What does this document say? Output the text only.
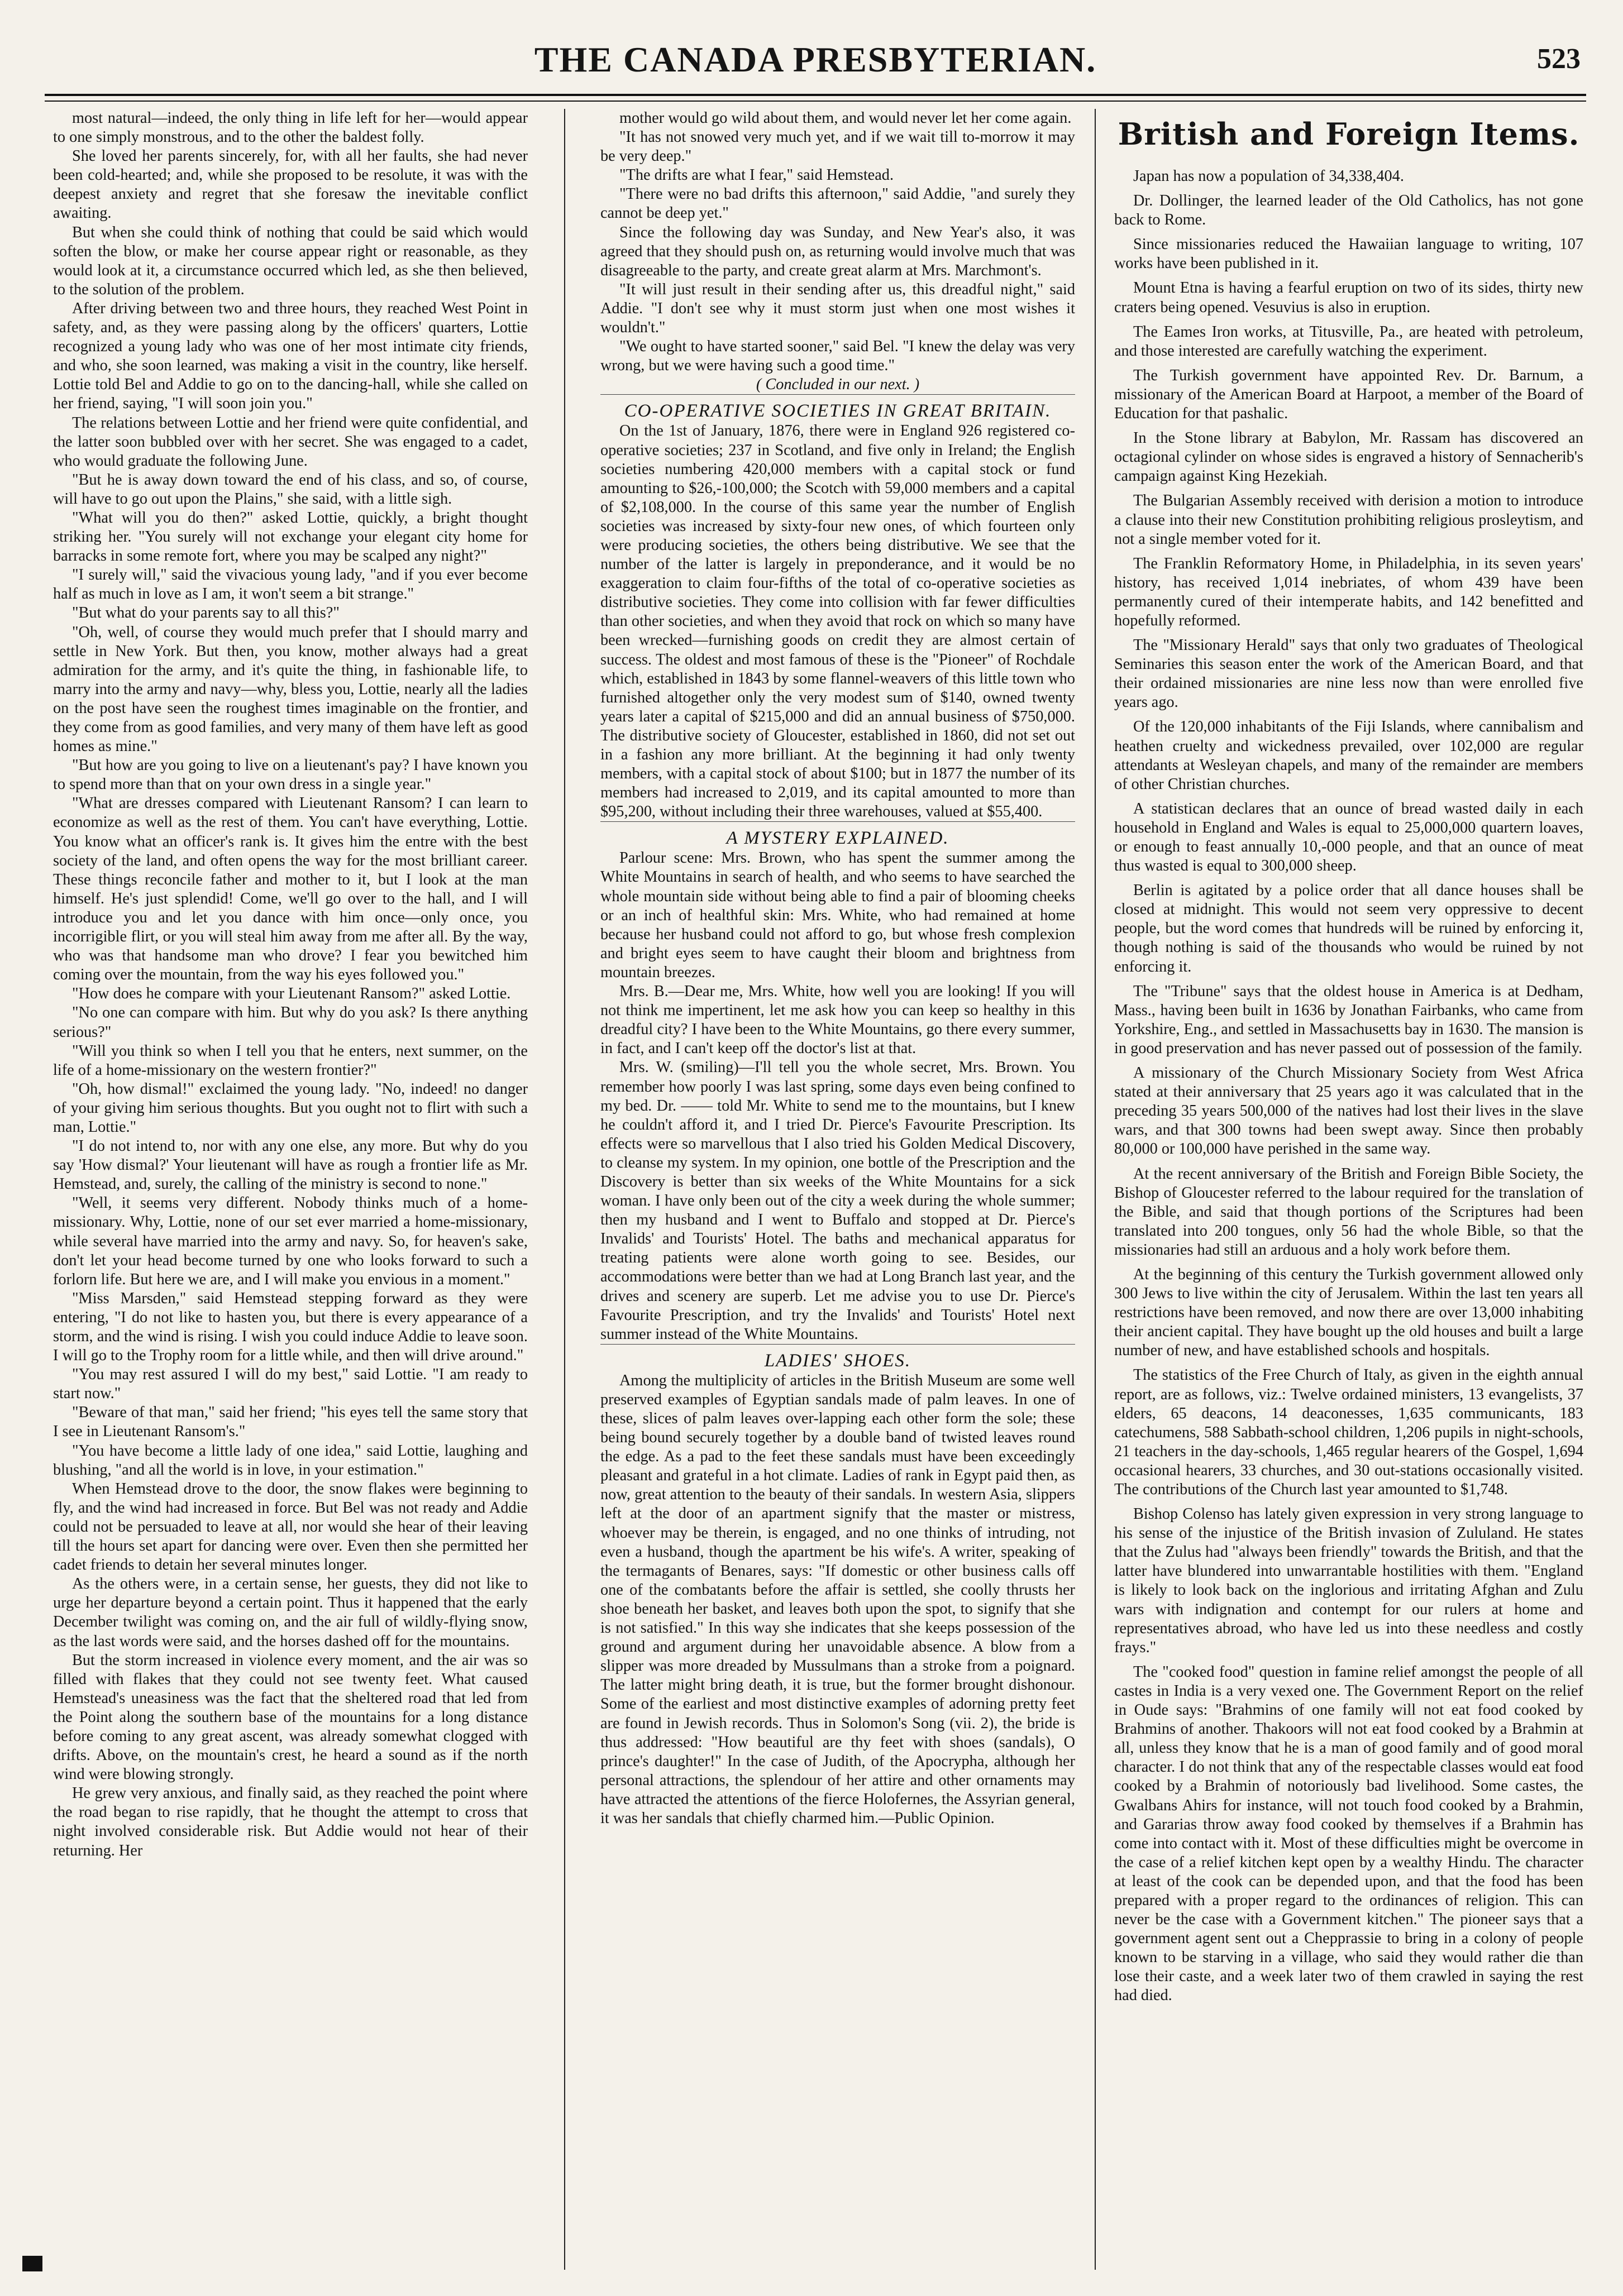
THE CANADA PRESBYTERIAN.	523

most natural—indeed, the only thing in life left for her—would appear to one simply monstrous, and to the other the baldest folly.

She loved her parents sincerely, for, with all her faults, she had never been cold-hearted; and, while she proposed to be resolute, it was with the deepest anxiety and regret that she foresaw the inevitable conflict awaiting.

But when she could think of nothing that could be said which would soften the blow, or make her course appear right or reasonable, as they would look at it, a circumstance occurred which led, as she then believed, to the solution of the problem.

After driving between two and three hours, they reached West Point in safety, and, as they were passing along by the officers' quarters, Lottie recognized a young lady who was one of her most intimate city friends, and who, she soon learned, was making a visit in the country, like herself. Lottie told Bel and Addie to go on to the dancing-hall, while she called on her friend, saying, "I will soon join you."

The relations between Lottie and her friend were quite confidential, and the latter soon bubbled over with her secret. She was engaged to a cadet, who would graduate the following June.

"But he is away down toward the end of his class, and so, of course, will have to go out upon the Plains," she said, with a little sigh.

"What will you do then?" asked Lottie, quickly, a bright thought striking her. "You surely will not exchange your elegant city home for barracks in some remote fort, where you may be scalped any night?"

"I surely will," said the vivacious young lady, "and if you ever become half as much in love as I am, it won't seem a bit strange."

"But what do your parents say to all this?"

"Oh, well, of course they would much prefer that I should marry and settle in New York. But then, you know, mother always had a great admiration for the army, and it's quite the thing, in fashionable life, to marry into the army and navy—why, bless you, Lottie, nearly all the ladies on the post have seen the roughest times imaginable on the frontier, and they come from as good families, and very many of them have left as good homes as mine."

"But how are you going to live on a lieutenant's pay? I have known you to spend more than that on your own dress in a single year."

"What are dresses compared with Lieutenant Ransom? I can learn to economize as well as the rest of them. You can't have everything, Lottie. You know what an officer's rank is. It gives him the entre with the best society of the land, and often opens the way for the most brilliant career. These things reconcile father and mother to it, but I look at the man himself. He's just splendid! Come, we'll go over to the hall, and I will introduce you and let you dance with him once—only once, you incorrigible flirt, or you will steal him away from me after all. By the way, who was that handsome man who drove? I fear you bewitched him coming over the mountain, from the way his eyes followed you."

"How does he compare with your Lieutenant Ransom?" asked Lottie.

"No one can compare with him. But why do you ask? Is there anything serious?"

"Will you think so when I tell you that he enters, next summer, on the life of a home-missionary on the western frontier?"

"Oh, how dismal!" exclaimed the young lady. "No, indeed! no danger of your giving him serious thoughts. But you ought not to flirt with such a man, Lottie."

"I do not intend to, nor with any one else, any more. But why do you say 'How dismal?' Your lieutenant will have as rough a frontier life as Mr. Hemstead, and, surely, the calling of the ministry is second to none."

"Well, it seems very different. Nobody thinks much of a home-missionary. Why, Lottie, none of our set ever married a home-missionary, while several have married into the army and navy. So, for heaven's sake, don't let your head become turned by one who looks forward to such a forlorn life. But here we are, and I will make you envious in a moment."

"Miss Marsden," said Hemstead stepping forward as they were entering, "I do not like to hasten you, but there is every appearance of a storm, and the wind is rising. I wish you could induce Addie to leave soon. I will go to the Trophy room for a little while, and then will drive around."

"You may rest assured I will do my best," said Lottie. "I am ready to start now."

"Beware of that man," said her friend; "his eyes tell the same story that I see in Lieutenant Ransom's."

"You have become a little lady of one idea," said Lottie, laughing and blushing, "and all the world is in love, in your estimation."

When Hemstead drove to the door, the snow flakes were beginning to fly, and the wind had increased in force. But Bel was not ready and Addie could not be persuaded to leave at all, nor would she hear of their leaving till the hours set apart for dancing were over. Even then she permitted her cadet friends to detain her several minutes longer.

As the others were, in a certain sense, her guests, they did not like to urge her departure beyond a certain point. Thus it happened that the early December twilight was coming on, and the air full of wildly-flying snow, as the last words were said, and the horses dashed off for the mountains.

But the storm increased in violence every moment, and the air was so filled with flakes that they could not see twenty feet. What caused Hemstead's uneasiness was the fact that the sheltered road that led from the Point along the southern base of the mountains for a long distance before coming to any great ascent, was already somewhat clogged with drifts. Above, on the mountain's crest, he heard a sound as if the north wind were blowing strongly.

He grew very anxious, and finally said, as they reached the point where the road began to rise rapidly, that he thought the attempt to cross that night involved considerable risk. But Addie would not hear of their returning. Her

mother would go wild about them, and would never let her come again.

"It has not snowed very much yet, and if we wait till to-morrow it may be very deep."

"The drifts are what I fear," said Hemstead.

"There were no bad drifts this afternoon," said Addie, "and surely they cannot be deep yet."

Since the following day was Sunday, and New Year's also, it was agreed that they should push on, as returning would involve much that was disagreeable to the party, and create great alarm at Mrs. Marchmont's.

"It will just result in their sending after us, this dreadful night," said Addie. "I don't see why it must storm just when one most wishes it wouldn't."

"We ought to have started sooner," said Bel. "I knew the delay was very wrong, but we were having such a good time."

( Concluded in our next. )

CO-OPERATIVE SOCIETIES IN GREAT BRITAIN.

On the 1st of January, 1876, there were in England 926 registered co-operative societies; 237 in Scotland, and five only in Ireland; the English societies numbering 420,000 members with a capital stock or fund amounting to $26,-100,000; the Scotch with 59,000 members and a capital of $2,108,000. In the course of this same year the number of English societies was increased by sixty-four new ones, of which fourteen only were producing societies, the others being distributive. We see that the number of the latter is largely in preponderance, and it would be no exaggeration to claim four-fifths of the total of co-operative societies as distributive societies. They come into collision with far fewer difficulties than other societies, and when they avoid that rock on which so many have been wrecked—furnishing goods on credit they are almost certain of success. The oldest and most famous of these is the "Pioneer" of Rochdale which, established in 1843 by some flannel-weavers of this little town who furnished altogether only the very modest sum of $140, owned twenty years later a capital of $215,000 and did an annual business of $750,000. The distributive society of Gloucester, established in 1860, did not set out in a fashion any more brilliant. At the beginning it had only twenty members, with a capital stock of about $100; but in 1877 the number of its members had increased to 2,019, and its capital amounted to more than $95,200, without including their three warehouses, valued at $55,400.

A MYSTERY EXPLAINED.

Parlour scene: Mrs. Brown, who has spent the summer among the White Mountains in search of health, and who seems to have searched the whole mountain side without being able to find a pair of blooming cheeks or an inch of healthful skin: Mrs. White, who had remained at home because her husband could not afford to go, but whose fresh complexion and bright eyes seem to have caught their bloom and brightness from mountain breezes.

Mrs. B.—Dear me, Mrs. White, how well you are looking! If you will not think me impertinent, let me ask how you can keep so healthy in this dreadful city? I have been to the White Mountains, go there every summer, in fact, and I can't keep off the doctor's list at that.

Mrs. W. (smiling)—I'll tell you the whole secret, Mrs. Brown. You remember how poorly I was last spring, some days even being confined to my bed. Dr. —— told Mr. White to send me to the mountains, but I knew he couldn't afford it, and I tried Dr. Pierce's Favourite Prescription. Its effects were so marvellous that I also tried his Golden Medical Discovery, to cleanse my system. In my opinion, one bottle of the Prescription and the Discovery is better than six weeks of the White Mountains for a sick woman. I have only been out of the city a week during the whole summer; then my husband and I went to Buffalo and stopped at Dr. Pierce's Invalids' and Tourists' Hotel. The baths and mechanical apparatus for treating patients were alone worth going to see. Besides, our accommodations were better than we had at Long Branch last year, and the drives and scenery are superb. Let me advise you to use Dr. Pierce's Favourite Prescription, and try the Invalids' and Tourists' Hotel next summer instead of the White Mountains.

LADIES' SHOES.

Among the multiplicity of articles in the British Museum are some well preserved examples of Egyptian sandals made of palm leaves. In one of these, slices of palm leaves over-lapping each other form the sole; these being bound securely together by a double band of twisted leaves round the edge. As a pad to the feet these sandals must have been exceedingly pleasant and grateful in a hot climate. Ladies of rank in Egypt paid then, as now, great attention to the beauty of their sandals. In western Asia, slippers left at the door of an apartment signify that the master or mistress, whoever may be therein, is engaged, and no one thinks of intruding, not even a husband, though the apartment be his wife's. A writer, speaking of the termagants of Benares, says: "If domestic or other business calls off one of the combatants before the affair is settled, she coolly thrusts her shoe beneath her basket, and leaves both upon the spot, to signify that she is not satisfied." In this way she indicates that she keeps possession of the ground and argument during her unavoidable absence. A blow from a slipper was more dreaded by Mussulmans than a stroke from a poignard. The latter might bring death, it is true, but the former brought dishonour. Some of the earliest and most distinctive examples of adorning pretty feet are found in Jewish records. Thus in Solomon's Song (vii. 2), the bride is thus addressed: "How beautiful are thy feet with shoes (sandals), O prince's daughter!" In the case of Judith, of the Apocrypha, although her personal attractions, the splendour of her attire and other ornaments may have attracted the attentions of the fierce Holofernes, the Assyrian general, it was her sandals that chiefly charmed him.—Public Opinion.

British and Foreign Items.

Japan has now a population of 34,338,404.

Dr. Dollinger, the learned leader of the Old Catholics, has not gone back to Rome.

Since missionaries reduced the Hawaiian language to writing, 107 works have been published in it.

Mount Etna is having a fearful eruption on two of its sides, thirty new craters being opened. Vesuvius is also in eruption.

The Eames Iron works, at Titusville, Pa., are heated with petroleum, and those interested are carefully watching the experiment.

The Turkish government have appointed Rev. Dr. Barnum, a missionary of the American Board at Harpoot, a member of the Board of Education for that pashalic.

In the Stone library at Babylon, Mr. Rassam has discovered an octagional cylinder on whose sides is engraved a history of Sennacherib's campaign against King Hezekiah.

The Bulgarian Assembly received with derision a motion to introduce a clause into their new Constitution prohibiting religious prosleytism, and not a single member voted for it.

The Franklin Reformatory Home, in Philadelphia, in its seven years' history, has received 1,014 inebriates, of whom 439 have been permanently cured of their intemperate habits, and 142 benefitted and hopefully reformed.

The "Missionary Herald" says that only two graduates of Theological Seminaries this season enter the work of the American Board, and that their ordained missionaries are nine less now than were enrolled five years ago.

Of the 120,000 inhabitants of the Fiji Islands, where cannibalism and heathen cruelty and wickedness prevailed, over 102,000 are regular attendants at Wesleyan chapels, and many of the remainder are members of other Christian churches.

A statistican declares that an ounce of bread wasted daily in each household in England and Wales is equal to 25,000,000 quartern loaves, or enough to feast annually 10,-000 people, and that an ounce of meat thus wasted is equal to 300,000 sheep.

Berlin is agitated by a police order that all dance houses shall be closed at midnight. This would not seem very oppressive to decent people, but the word comes that hundreds will be ruined by enforcing it, though nothing is said of the thousands who would be ruined by not enforcing it.

The "Tribune" says that the oldest house in America is at Dedham, Mass., having been built in 1636 by Jonathan Fairbanks, who came from Yorkshire, Eng., and settled in Massachusetts bay in 1630. The mansion is in good preservation and has never passed out of possession of the family.

A missionary of the Church Missionary Society from West Africa stated at their anniversary that 25 years ago it was calculated that in the preceding 35 years 500,000 of the natives had lost their lives in the slave wars, and that 300 towns had been swept away. Since then probably 80,000 or 100,000 have perished in the same way.

At the recent anniversary of the British and Foreign Bible Society, the Bishop of Gloucester referred to the labour required for the translation of the Bible, and said that though portions of the Scriptures had been translated into 200 tongues, only 56 had the whole Bible, so that the missionaries had still an arduous and a holy work before them.

At the beginning of this century the Turkish government allowed only 300 Jews to live within the city of Jerusalem. Within the last ten years all restrictions have been removed, and now there are over 13,000 inhabiting their ancient capital. They have bought up the old houses and built a large number of new, and have established schools and hospitals.

The statistics of the Free Church of Italy, as given in the eighth annual report, are as follows, viz.: Twelve ordained ministers, 13 evangelists, 37 elders, 65 deacons, 14 deaconesses, 1,635 communicants, 183 catechumens, 588 Sabbath-school children, 1,206 pupils in night-schools, 21 teachers in the day-schools, 1,465 regular hearers of the Gospel, 1,694 occasional hearers, 33 churches, and 30 out-stations occasionally visited. The contributions of the Church last year amounted to $1,748.

Bishop Colenso has lately given expression in very strong language to his sense of the injustice of the British invasion of Zululand. He states that the Zulus had "always been friendly" towards the British, and that the latter have blundered into unwarrantable hostilities with them. "England is likely to look back on the inglorious and irritating Afghan and Zulu wars with indignation and contempt for our rulers at home and representatives abroad, who have led us into these needless and costly frays."

The "cooked food" question in famine relief amongst the people of all castes in India is a very vexed one. The Government Report on the relief in Oude says: "Brahmins of one family will not eat food cooked by Brahmins of another. Thakoors will not eat food cooked by a Brahmin at all, unless they know that he is a man of good family and of good moral character. I do not think that any of the respectable classes would eat food cooked by a Brahmin of notoriously bad livelihood. Some castes, the Gwalbans Ahirs for instance, will not touch food cooked by a Brahmin, and Gararias throw away food cooked by themselves if a Brahmin has come into contact with it. Most of these difficulties might be overcome in the case of a relief kitchen kept open by a wealthy Hindu. The character at least of the cook can be depended upon, and that the food has been prepared with a proper regard to the ordinances of religion. This can never be the case with a Government kitchen." The pioneer says that a government agent sent out a Chepprassie to bring in a colony of people known to be starving in a village, who said they would rather die than lose their caste, and a week later two of them crawled in saying the rest had died.
